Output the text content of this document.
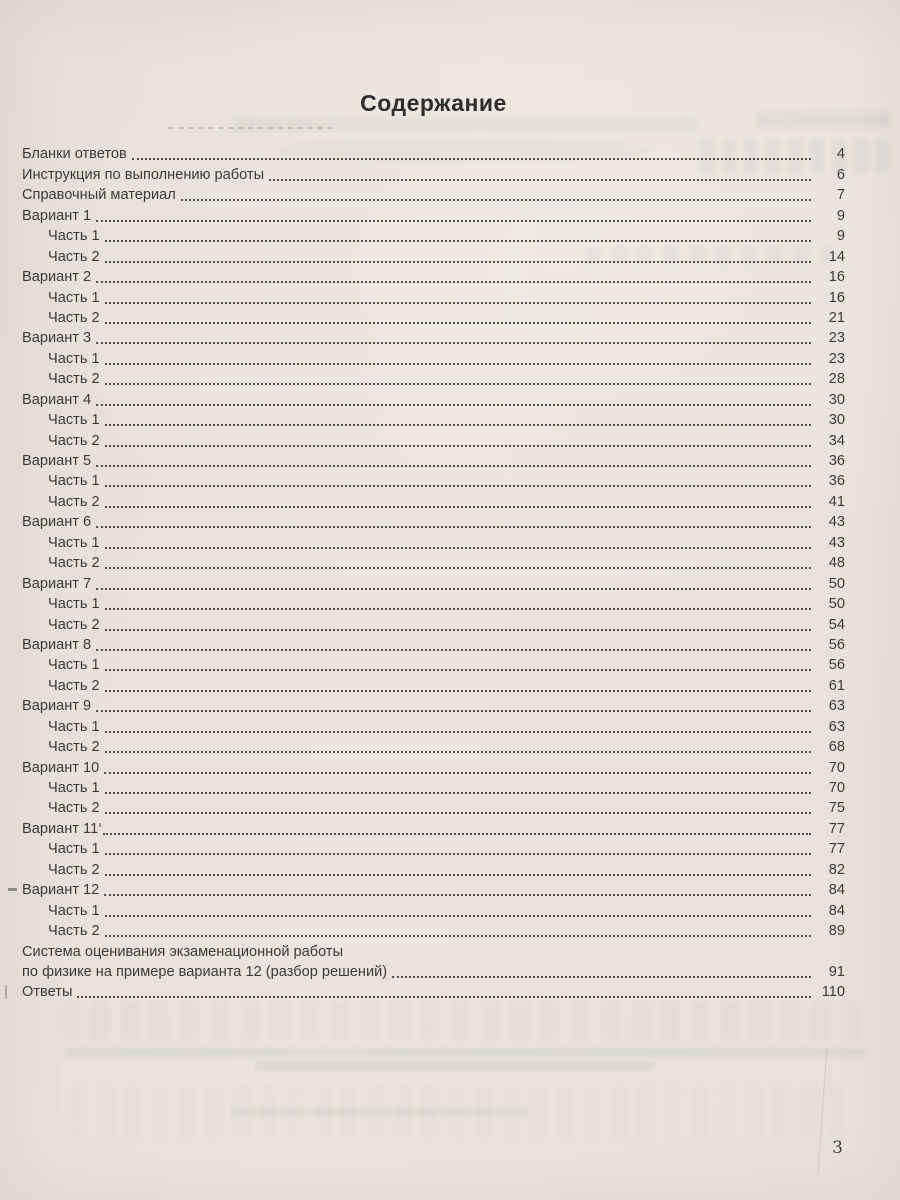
Содержание
Бланки ответов	4
Инструкция по выполнению работы	6
Справочный материал	7
Вариант 1	9
Часть 1	9
Часть 2	14
Вариант 2	16
Часть 1	16
Часть 2	21
Вариант 3	23
Часть 1	23
Часть 2	28
Вариант 4	30
Часть 1	30
Часть 2	34
Вариант 5	36
Часть 1	36
Часть 2	41
Вариант 6	43
Часть 1	43
Часть 2	48
Вариант 7	50
Часть 1	50
Часть 2	54
Вариант 8	56
Часть 1	56
Часть 2	61
Вариант 9	63
Часть 1	63
Часть 2	68
Вариант 10	70
Часть 1	70
Часть 2	75
Вариант 11	77
Часть 1	77
Часть 2	82
Вариант 12	84
Часть 1	84
Часть 2	89
Система оценивания экзаменационной работы
по физике на примере варианта 12 (разбор решений)	91
Ответы	110
3
